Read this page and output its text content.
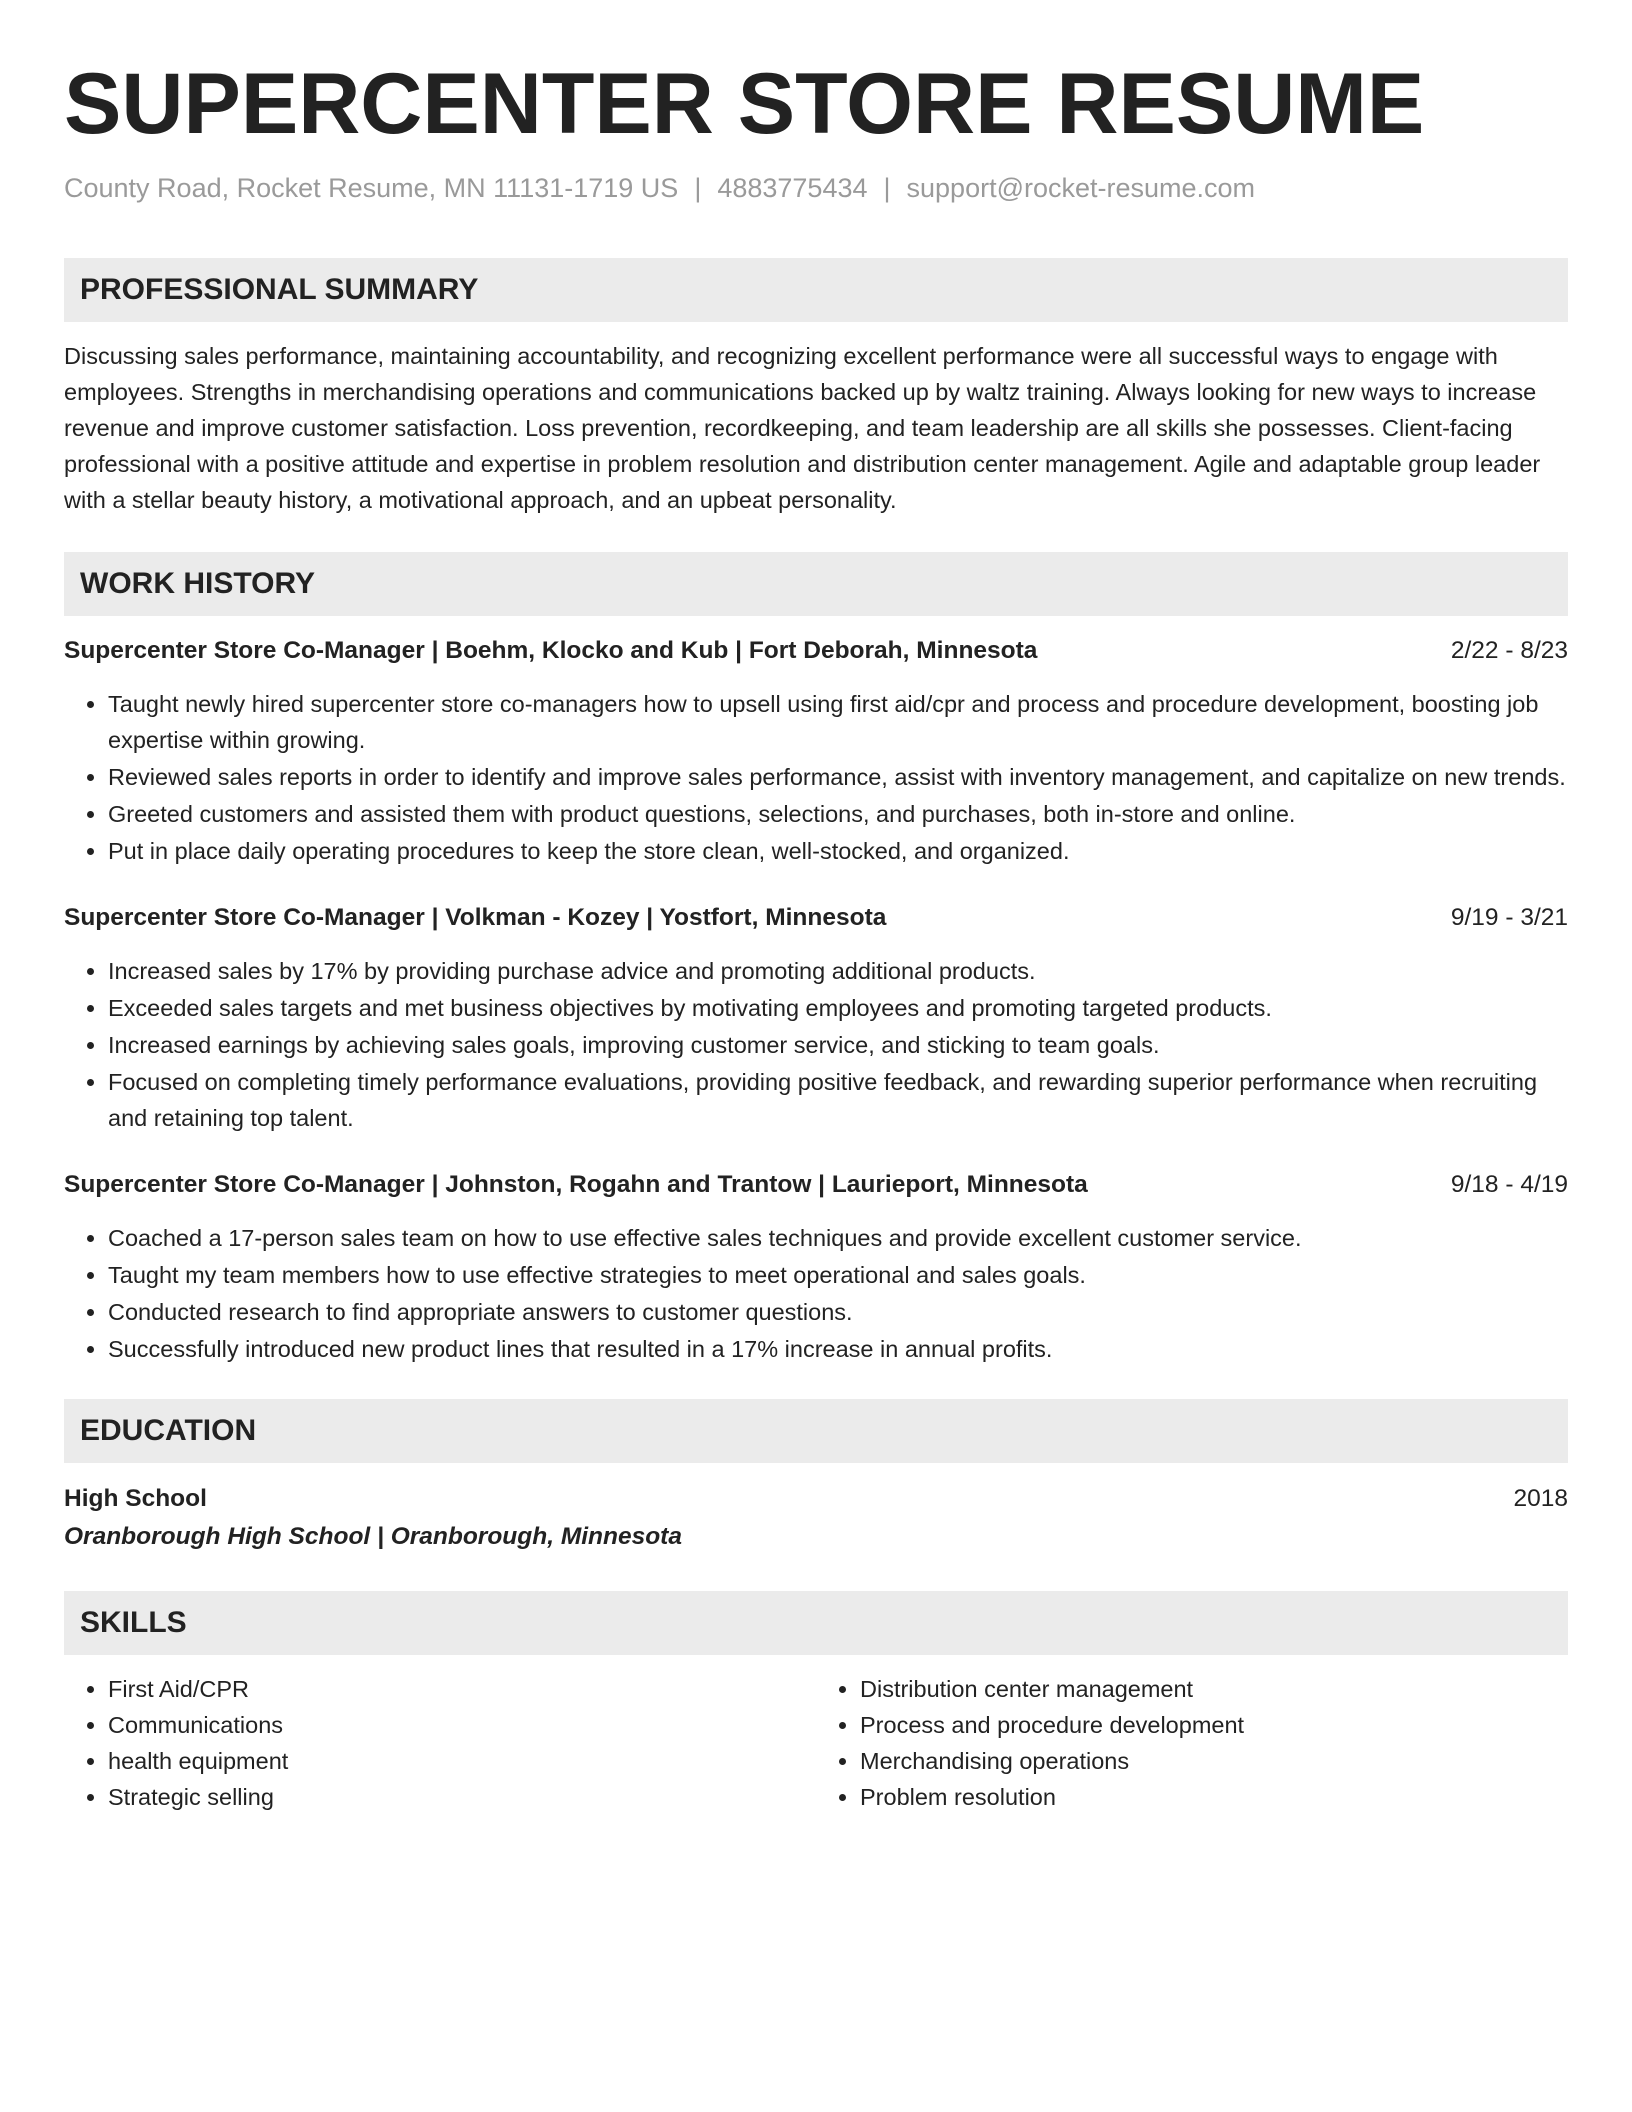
SUPERCENTER STORE RESUME
County Road, Rocket Resume, MN 11131-1719 US | 4883775434 | support@rocket-resume.com
PROFESSIONAL SUMMARY

Discussing sales performance, maintaining accountability, and recognizing excellent performance were all successful ways to engage with employees. Strengths in merchandising operations and communications backed up by waltz training. Always looking for new ways to increase revenue and improve customer satisfaction. Loss prevention, recordkeeping, and team leadership are all skills she possesses. Client-facing professional with a positive attitude and expertise in problem resolution and distribution center management. Agile and adaptable group leader with a stellar beauty history, a motivational approach, and an upbeat personality.

WORK HISTORY
Supercenter Store Co-Manager | Boehm, Klocko and Kub | Fort Deborah, Minnesota	2/22 - 8/23
• Taught newly hired supercenter store co-managers how to upsell using first aid/cpr and process and procedure development, boosting job expertise within growing.
• Reviewed sales reports in order to identify and improve sales performance, assist with inventory management, and capitalize on new trends.
• Greeted customers and assisted them with product questions, selections, and purchases, both in-store and online.
• Put in place daily operating procedures to keep the store clean, well-stocked, and organized.
Supercenter Store Co-Manager | Volkman - Kozey | Yostfort, Minnesota	9/19 - 3/21
• Increased sales by 17% by providing purchase advice and promoting additional products.
• Exceeded sales targets and met business objectives by motivating employees and promoting targeted products.
• Increased earnings by achieving sales goals, improving customer service, and sticking to team goals.
• Focused on completing timely performance evaluations, providing positive feedback, and rewarding superior performance when recruiting and retaining top talent.
Supercenter Store Co-Manager | Johnston, Rogahn and Trantow | Laurieport, Minnesota	9/18 - 4/19
• Coached a 17-person sales team on how to use effective sales techniques and provide excellent customer service.
• Taught my team members how to use effective strategies to meet operational and sales goals.
• Conducted research to find appropriate answers to customer questions.
• Successfully introduced new product lines that resulted in a 17% increase in annual profits.
EDUCATION
High School	2018
Oranborough High School | Oranborough, Minnesota
SKILLS
• First Aid/CPR
• Communications
• health equipment
• Strategic selling
• Distribution center management
• Process and procedure development
• Merchandising operations
• Problem resolution
